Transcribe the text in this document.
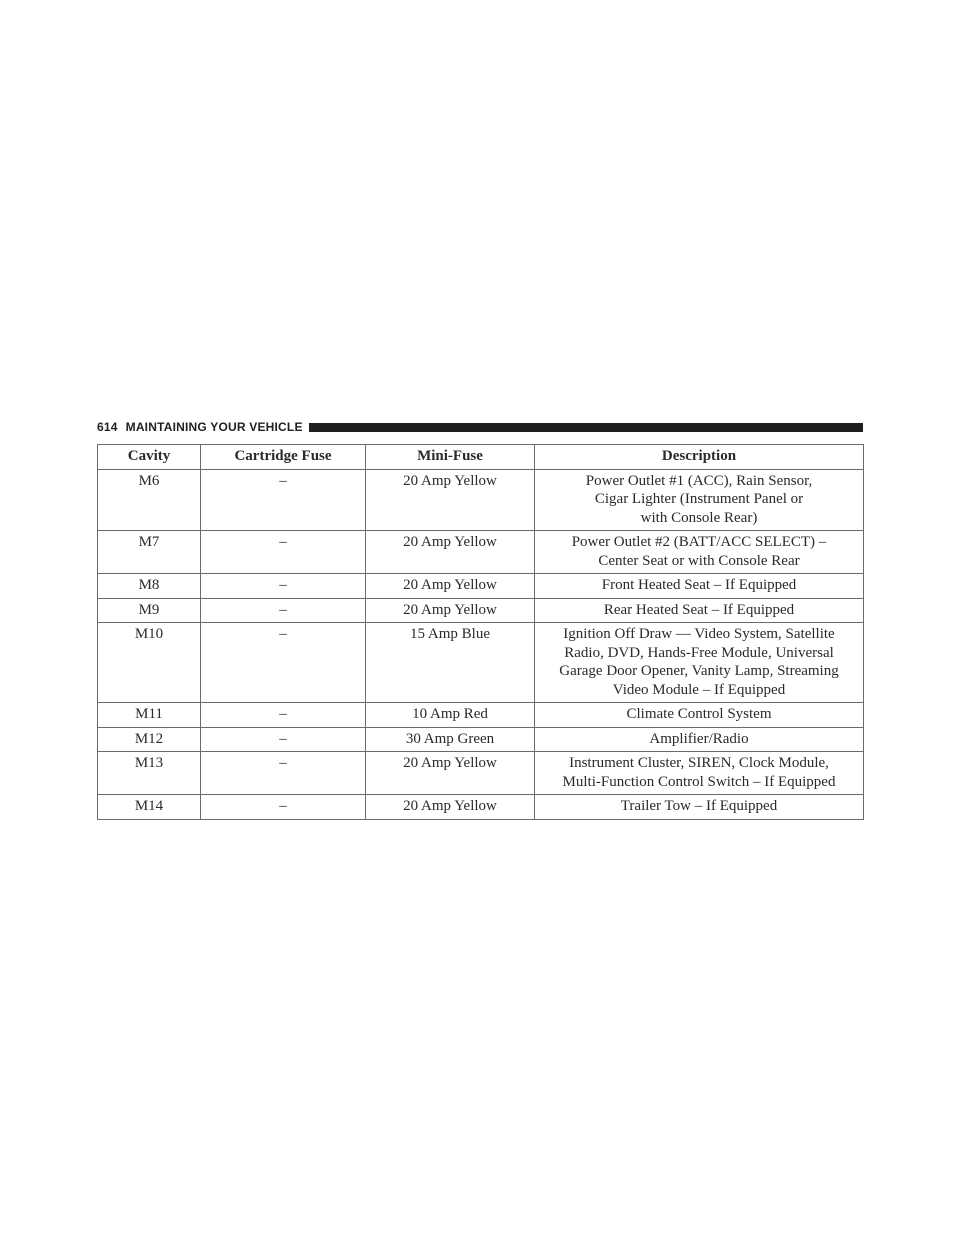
614 MAINTAINING YOUR VEHICLE
Cavity	Cartridge Fuse	Mini-Fuse	Description
M6	–	20 Amp Yellow	Power Outlet #1 (ACC), Rain Sensor,
Cigar Lighter (Instrument Panel or
with Console Rear)

M7	–	20 Amp Yellow	Power Outlet #2 (BATT/ACC SELECT) –
Center Seat or with Console Rear

M8	–	20 Amp Yellow	Front Heated Seat – If Equipped

M9	–	20 Amp Yellow	Rear Heated Seat – If Equipped

M10	–	15 Amp Blue	Ignition Off Draw — Video System, Satellite
Radio, DVD, Hands-Free Module, Universal
Garage Door Opener, Vanity Lamp, Streaming
Video Module – If Equipped

M11	–	10 Amp Red	Climate Control System

M12	–	30 Amp Green	Amplifier/Radio

M13	–	20 Amp Yellow	Instrument Cluster, SIREN, Clock Module,
Multi-Function Control Switch – If Equipped

M14	–	20 Amp Yellow	Trailer Tow – If Equipped
